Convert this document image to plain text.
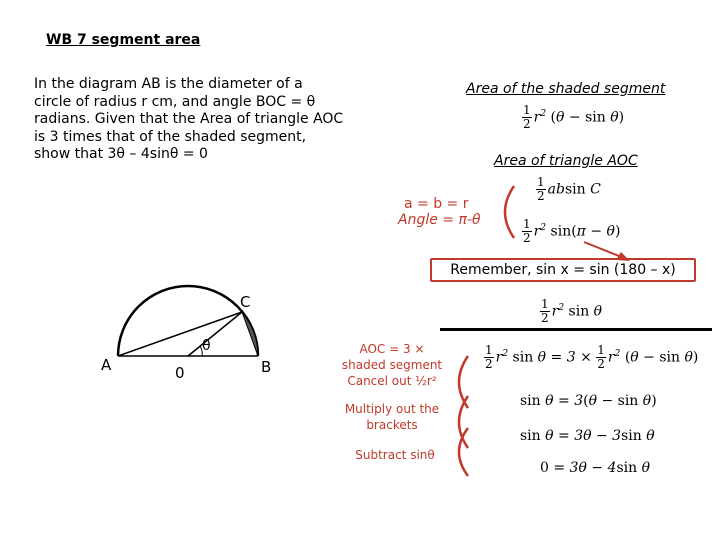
WB 7 segment area
In the diagram AB is the diameter of a circle of radius r cm, and angle BOC = θ radians. Given that the Area of triangle AOC is 3 times that of the shaded segment, show that 3θ – 4sinθ = 0
Area of the shaded segment
Area of triangle AOC
$\frac{1}{2} r^2$ (θ − sin θ)
$\frac{1}{2}$ absin C
a = b = r
Angle = π-θ	$\frac{1}{2} r^2$ sin(π − θ)
Remember, sin x = sin (180 – x)
$\frac{1}{2} r^2$ sin θ
$\frac{1}{2} r^2$ $\sin \theta = 3 \times \frac{1}{2} r^2$ (θ − sin θ)
sin θ = 3(θ − sin θ)
sin θ = 3θ − 3sin θ
0 = 3θ − 4sin θ
AOC = 3 ×
shaded segment
Cancel out ½r²
Multiply out the brackets
Subtract sinθ
A	0	B
C
θ
